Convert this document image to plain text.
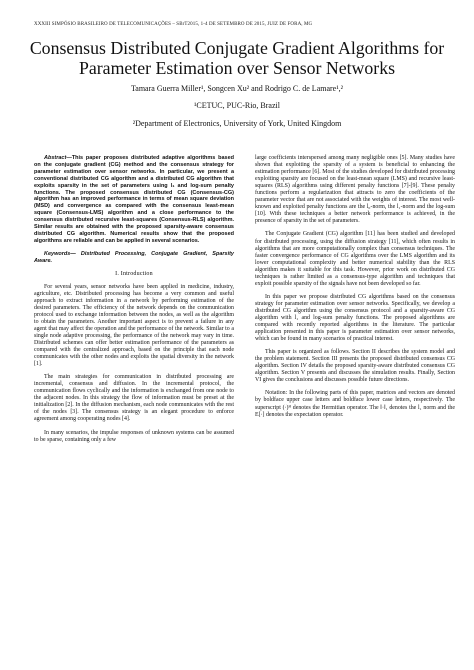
XXXIII SIMPÓSIO BRASILEIRO DE TELECOMUNICAÇÕES – SBrT2015, 1-4 DE SETEMBRO DE 2015, JUIZ DE FORA, MG
Consensus Distributed Conjugate Gradient Algorithms for Parameter Estimation over Sensor Networks
Tamara Guerra Miller¹, Songcen Xu² and Rodrigo C. de Lamare¹,²
¹CETUC, PUC-Rio, Brazil
²Department of Electronics, University of York, United Kingdom

Abstract—This paper proposes distributed adaptive algorithms based on the conjugate gradient (CG) method and the consensus strategy for parameter estimation over sensor networks. In particular, we present a conventional distributed CG algorithm and a distributed CG algorithm that exploits sparsity in the set of parameters using l₁ and log-sum penalty functions. The proposed consensus distributed CG (Consensus-CG) algorithm has an improved performance in terms of mean square deviation (MSD) and convergence as compared with the consensus least-mean square (Consensus-LMS) algorithm and a close performance to the consensus distributed recursive least-squares (Consensus-RLS) algorithm. Similar results are obtained with the proposed sparsity-aware consensus distributed CG algorithm. Numerical results show that the proposed algorithms are reliable and can be applied in several scenarios.

Keywords— Distributed Processing, Conjugate Gradient, Sparsity Aware.

I. Introduction

For several years, sensor networks have been applied in medicine, industry, agriculture, etc. Distributed processing has become a very common and useful approach to extract information in a network by performing estimation of the desired parameters. The efficiency of the network depends on the communication protocol used to exchange information between the nodes, as well as the algorithm to obtain the parameters. Another important aspect is to prevent a failure in any agent that may affect the operation and the performance of the network. Similar to a single node adaptive processing, the performance of the network may vary in time. Distributed schemes can offer better estimation performance of the parameters as compared with the centralized approach, based on the principle that each node communicates with the other nodes and exploits the spatial diversity in the network [1].

The main strategies for communication in distributed processing are incremental, consensus and diffusion. In the incremental protocol, the communication flows cyclically and the information is exchanged from one node to the adjacent nodes. In this strategy the flow of information must be preset at the initialization [2]. In the diffusion mechanism, each node communicates with the rest of the nodes [3]. The consensus strategy is an elegant procedure to enforce agreement among cooperating nodes [4].

In many scenarios, the impulse responses of unknown systems can be assumed to be sparse, containing only a few

large coefficients interspersed among many negligible ones [5]. Many studies have shown that exploiting the sparsity of a system is beneficial to enhancing the estimation performance [6]. Most of the studies developed for distributed processing exploiting sparsity are focused on the least-mean square (LMS) and recursive least-squares (RLS) algorithms using different penalty functions [7]-[9]. These penalty functions perform a regularization that attracts to zero the coefficients of the parameter vector that are not associated with the weights of interest. The most well-known and exploited penalty functions are the l₀-norm, the l₁-norm and the log-sum [10]. With these techniques a better network performance is achieved, in the presence of sparsity in the set of parameters.

The Conjugate Gradient (CG) algorithm [11] has been studied and developed for distributed processing, using the diffusion strategy [11], which often results in algorithms that are more computationally complex than consensus techniques. The faster convergence performance of CG algorithms over the LMS algorithm and its lower computational complexity and better numerical stability than the RLS algorithm makes it suitable for this task. However, prior work on distributed CG techniques is rather limited as a consensus-type algorithm and techniques that exploit possible sparsity of the signals have not been developed so far.

In this paper we propose distributed CG algorithms based on the consensus strategy for parameter estimation over sensor networks. Specifically, we develop a distributed CG algorithm using the consensus protocol and a sparsity-aware CG algorithm with l₁ and log-sum penalty functions. The proposed algorithms are compared with recently reported algorithms in the literature. The particular application presented in this paper is parameter estimation over sensor networks, which can be found in many scenarios of practical interest.

This paper is organized as follows. Section II describes the system model and the problem statement. Section III presents the proposed distributed consensus CG algorithm. Section IV details the proposed sparsity-aware distributed consensus CG algorithm. Section V presents and discusses the simulation results. Finally, Section VI gives the conclusions and discusses possible future directions.

Notation: In the following parts of this paper, matrices and vectors are denoted by boldface upper case letters and boldface lower case letters, respectively. The superscript (·)ᴴ denotes the Hermitian operator. The ‖·‖₁ denotes the l₁ norm and the E[·] denotes the expectation operator.
